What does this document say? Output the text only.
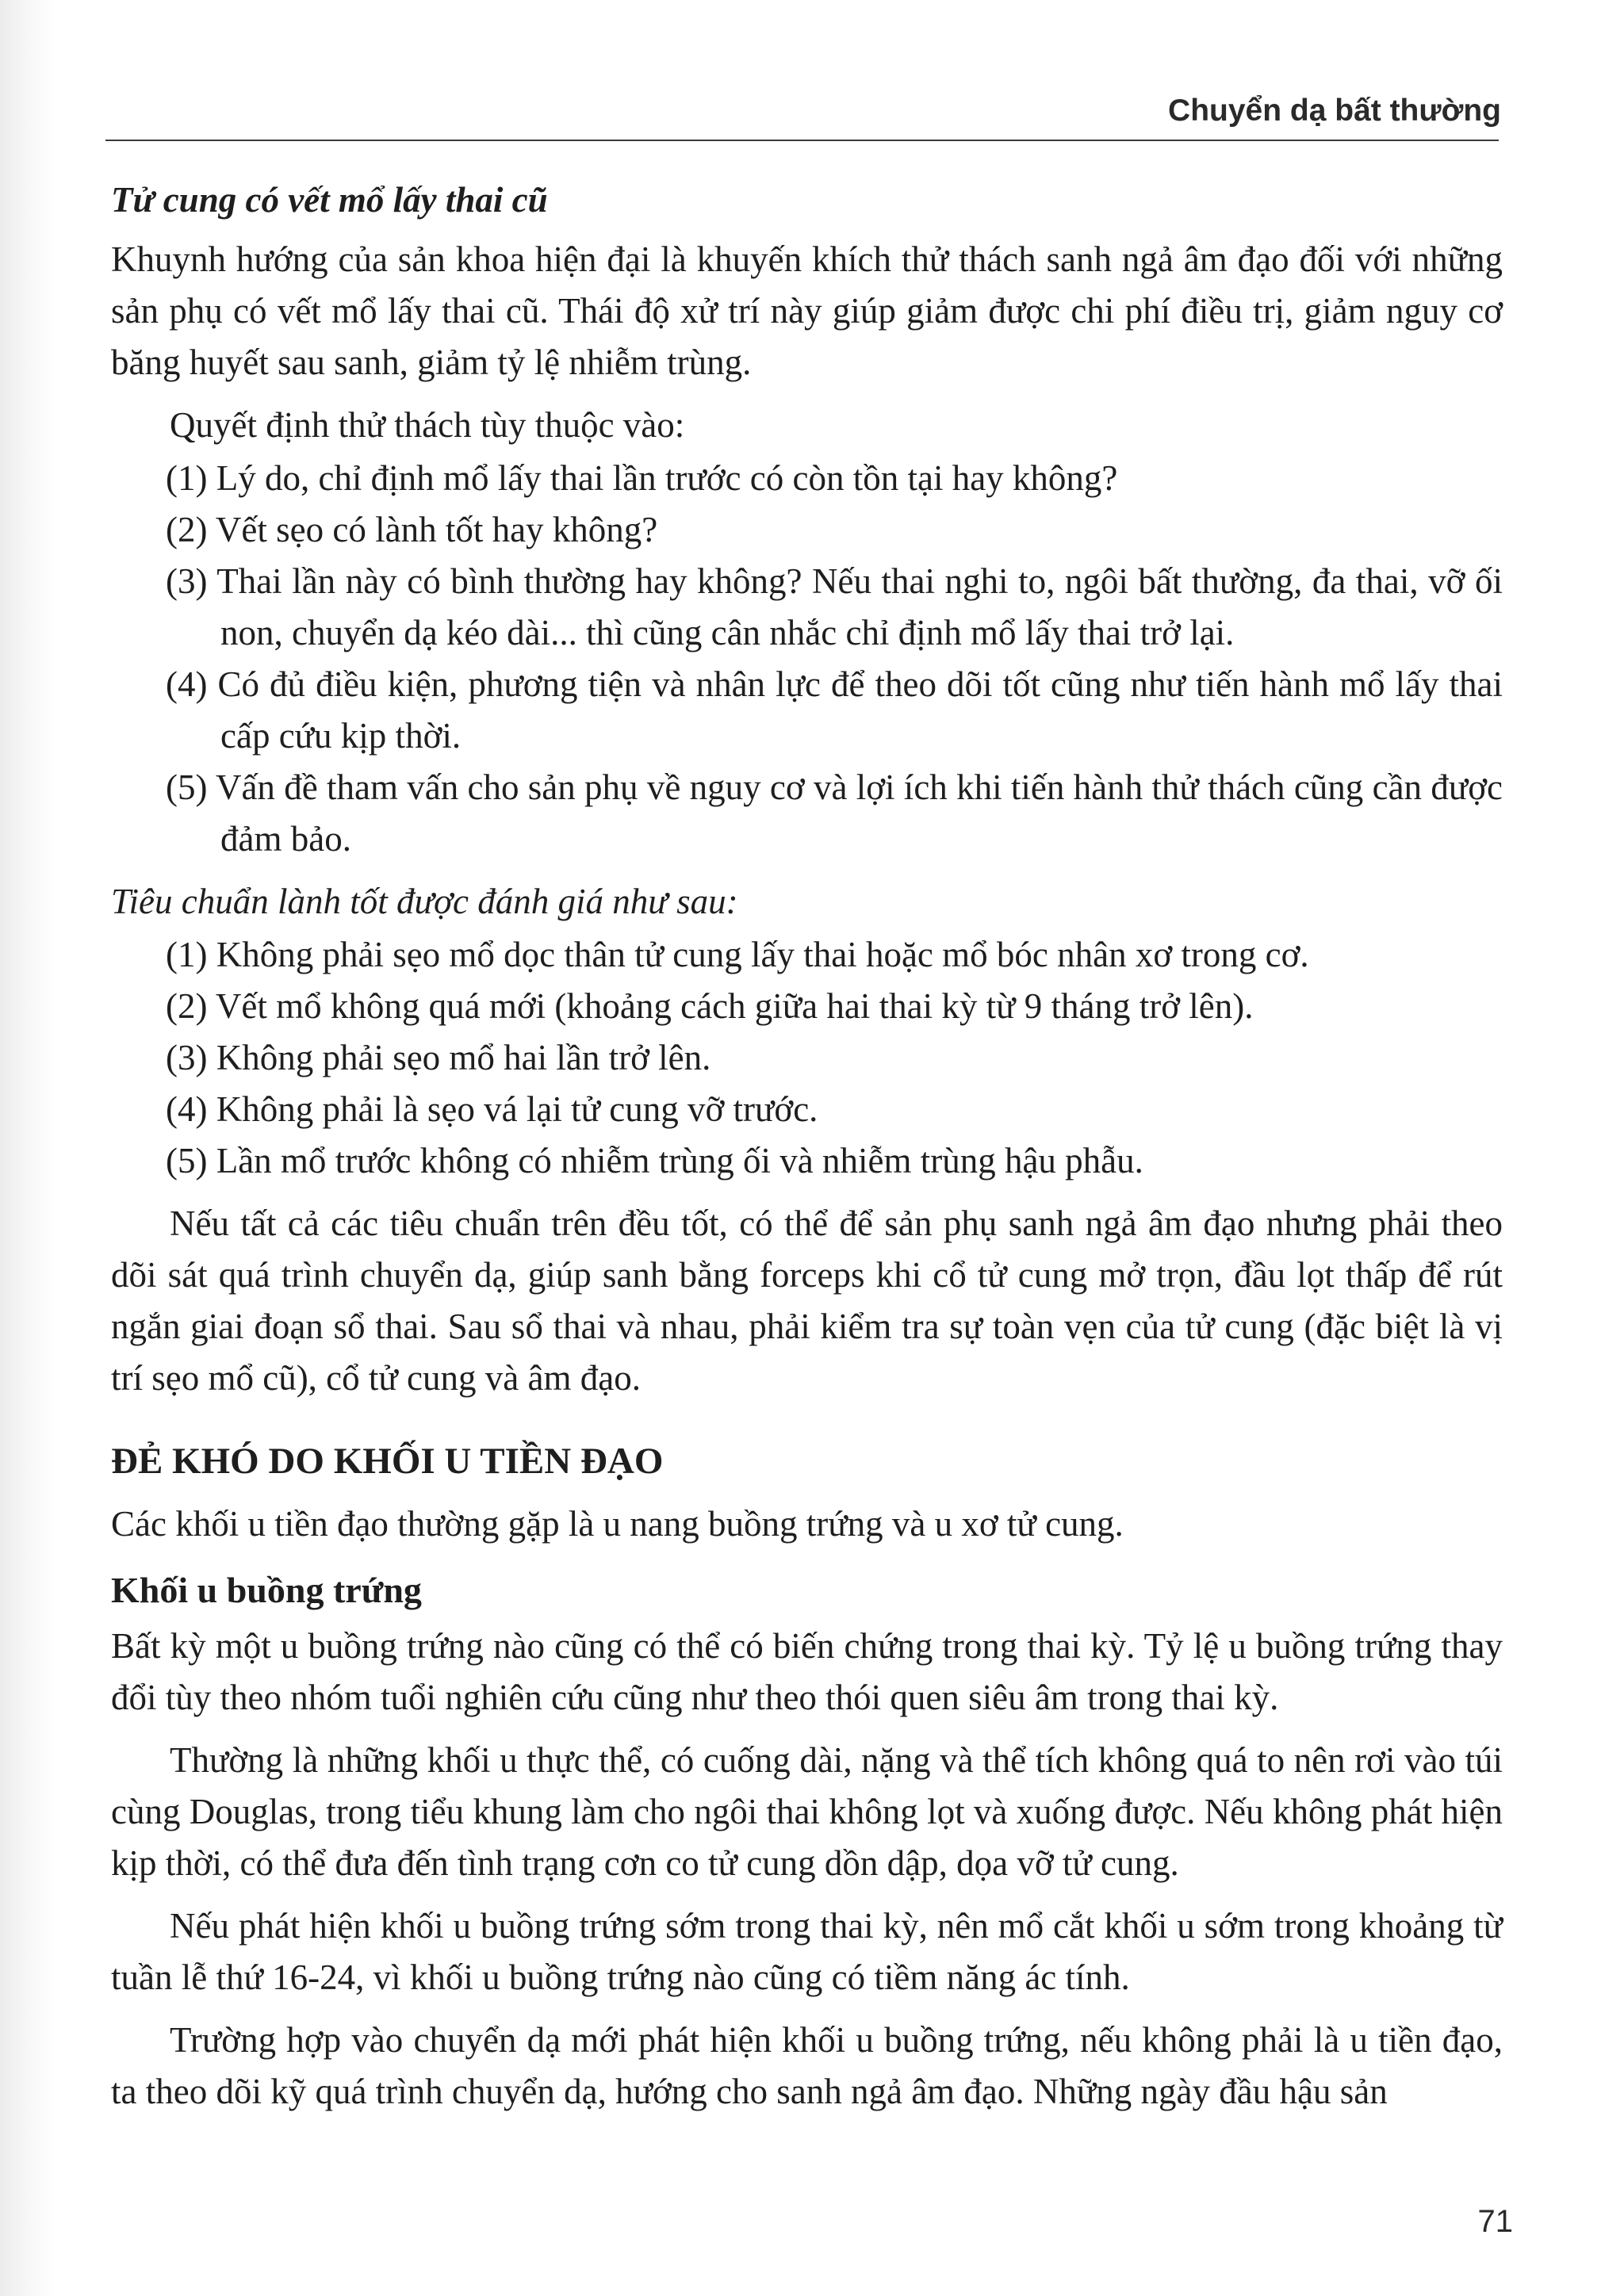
Chuyển dạ bất thường
Tử cung có vết mổ lấy thai cũ

Khuynh hướng của sản khoa hiện đại là khuyến khích thử thách sanh ngả âm đạo đối với những sản phụ có vết mổ lấy thai cũ. Thái độ xử trí này giúp giảm được chi phí điều trị, giảm nguy cơ băng huyết sau sanh, giảm tỷ lệ nhiễm trùng.

Quyết định thử thách tùy thuộc vào:

(1) Lý do, chỉ định mổ lấy thai lần trước có còn tồn tại hay không?
(2) Vết sẹo có lành tốt hay không?
(3) Thai lần này có bình thường hay không? Nếu thai nghi to, ngôi bất thường, đa thai, vỡ ối non, chuyển dạ kéo dài... thì cũng cân nhắc chỉ định mổ lấy thai trở lại.
(4) Có đủ điều kiện, phương tiện và nhân lực để theo dõi tốt cũng như tiến hành mổ lấy thai cấp cứu kịp thời.
(5) Vấn đề tham vấn cho sản phụ về nguy cơ và lợi ích khi tiến hành thử thách cũng cần được đảm bảo.

Tiêu chuẩn lành tốt được đánh giá như sau:

(1) Không phải sẹo mổ dọc thân tử cung lấy thai hoặc mổ bóc nhân xơ trong cơ.
(2) Vết mổ không quá mới (khoảng cách giữa hai thai kỳ từ 9 tháng trở lên).
(3) Không phải sẹo mổ hai lần trở lên.
(4) Không phải là sẹo vá lại tử cung vỡ trước.
(5) Lần mổ trước không có nhiễm trùng ối và nhiễm trùng hậu phẫu.

Nếu tất cả các tiêu chuẩn trên đều tốt, có thể để sản phụ sanh ngả âm đạo nhưng phải theo dõi sát quá trình chuyển dạ, giúp sanh bằng forceps khi cổ tử cung mở trọn, đầu lọt thấp để rút ngắn giai đoạn sổ thai. Sau sổ thai và nhau, phải kiểm tra sự toàn vẹn của tử cung (đặc biệt là vị trí sẹo mổ cũ), cổ tử cung và âm đạo.

ĐẺ KHÓ DO KHỐI U TIỀN ĐẠO

Các khối u tiền đạo thường gặp là u nang buồng trứng và u xơ tử cung.

Khối u buồng trứng

Bất kỳ một u buồng trứng nào cũng có thể có biến chứng trong thai kỳ. Tỷ lệ u buồng trứng thay đổi tùy theo nhóm tuổi nghiên cứu cũng như theo thói quen siêu âm trong thai kỳ.

Thường là những khối u thực thể, có cuống dài, nặng và thể tích không quá to nên rơi vào túi cùng Douglas, trong tiểu khung làm cho ngôi thai không lọt và xuống được. Nếu không phát hiện kịp thời, có thể đưa đến tình trạng cơn co tử cung dồn dập, dọa vỡ tử cung.

Nếu phát hiện khối u buồng trứng sớm trong thai kỳ, nên mổ cắt khối u sớm trong khoảng từ tuần lễ thứ 16-24, vì khối u buồng trứng nào cũng có tiềm năng ác tính.

Trường hợp vào chuyển dạ mới phát hiện khối u buồng trứng, nếu không phải là u tiền đạo, ta theo dõi kỹ quá trình chuyển dạ, hướng cho sanh ngả âm đạo. Những ngày đầu hậu sản

71
